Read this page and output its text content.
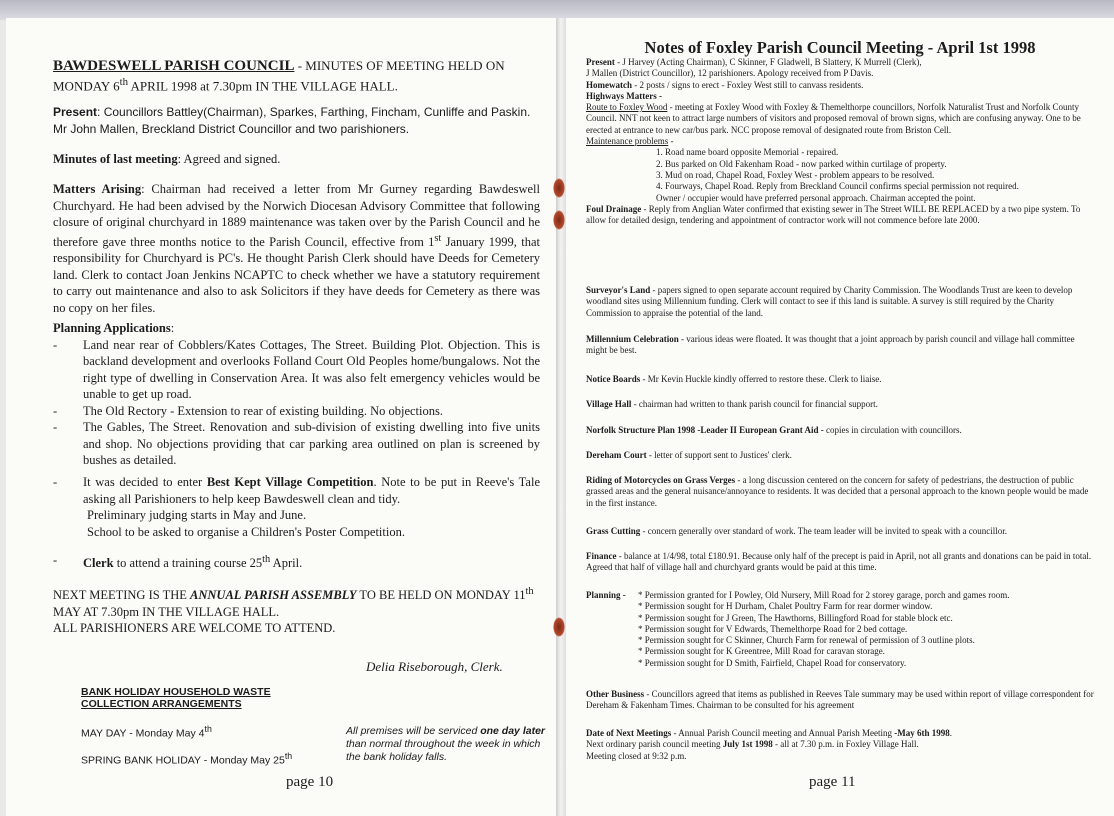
BAWDESWELL PARISH COUNCIL - MINUTES OF MEETING HELD ON MONDAY 6th APRIL 1998 at 7.30pm IN THE VILLAGE HALL.

Present: Councillors Battley(Chairman), Sparkes, Farthing, Fincham, Cunliffe and Paskin.

Mr John Mallen, Breckland District Councillor and two parishioners.

Minutes of last meeting: Agreed and signed.
Matters Arising: Chairman had received a letter from Mr Gurney regarding Bawdeswell Churchyard. He had been advised by the Norwich Diocesan Advisory Committee that following closure of original churchyard in 1889 maintenance was taken over by the Parish Council and he therefore gave three months notice to the Parish Council, effective from 1st January 1999, that responsibility for Churchyard is PC's. He thought Parish Clerk should have Deeds for Cemetery land. Clerk to contact Joan Jenkins NCAPTC to check whether we have a statutory requirement to carry out maintenance and also to ask Solicitors if they have deeds for Cemetery as there was no copy on her files.

Planning Applications:

- Land near rear of Cobblers/Kates Cottages, The Street. Building Plot. Objection. This is backland development and overlooks Folland Court Old Peoples home/bungalows. Not the right type of dwelling in Conservation Area. It was also felt emergency vehicles would be unable to get up road.
- The Old Rectory - Extension to rear of existing building. No objections.
- The Gables, The Street. Renovation and sub-division of existing dwelling into five units and shop. No objections providing that car parking area outlined on plan is screened by bushes as detailed.
- It was decided to enter Best Kept Village Competition. Note to be put in Reeve's Tale asking all Parishioners to help keep Bawdeswell clean and tidy.

Preliminary judging starts in May and June.

School to be asked to organise a Children's Poster Competition.

- Clerk to attend a training course 25th April.

NEXT MEETING IS THE ANNUAL PARISH ASSEMBLY TO BE HELD ON MONDAY 11th MAY AT 7.30pm IN THE VILLAGE HALL.

ALL PARISHIONERS ARE WELCOME TO ATTEND.

Delia Riseborough, Clerk.
BANK HOLIDAY HOUSEHOLD WASTE
COLLECTION ARRANGEMENTS
MAY DAY - Monday May 4th
SPRING BANK HOLIDAY - Monday May 25th
All premises will be serviced one day later than normal throughout the week in which the bank holiday falls.
page 10
Notes of Foxley Parish Council Meeting - April 1st 1998

Present - J Harvey (Acting Chairman), C Skinner, F Gladwell, B Slattery, K Murrell (Clerk),

J Mallen (District Councillor), 12 parishioners. Apology received from P Davis.

Homewatch - 2 posts / signs to erect - Foxley West still to canvass residents.

Highways Matters -

Route to Foxley Wood - meeting at Foxley Wood with Foxley & Themelthorpe councillors, Norfolk Naturalist Trust and Norfolk County Council. NNT not keen to attract large numbers of visitors and proposed removal of brown signs, which are confusing anyway. One to be erected at entrance to new car/bus park. NCC propose removal of designated route from Briston Cell.

Maintenance problems -

1. Road name board opposite Memorial - repaired.
2. Bus parked on Old Fakenham Road - now parked within curtilage of property.
3. Mud on road, Chapel Road, Foxley West - problem appears to be resolved.
4. Fourways, Chapel Road. Reply from Breckland Council confirms special permission not required.
Owner / occupier would have preferred personal approach. Chairman accepted the point.

Foul Drainage - Reply from Anglian Water confirmed that existing sewer in The Street WILL BE REPLACED by a two pipe system. To allow for detailed design, tendering and appointment of contractor work will not commence before late 2000.

Surveyor's Land - papers signed to open separate account required by Charity Commission. The Woodlands Trust are keen to develop woodland sites using Millennium funding. Clerk will contact to see if this land is suitable. A survey is still required by the Charity Commission to appraise the potential of the land.
Millennium Celebration - various ideas were floated. It was thought that a joint approach by parish council and village hall committee might be best.
Notice Boards - Mr Kevin Huckle kindly offerred to restore these. Clerk to liaise.
Village Hall - chairman had written to thank parish council for financial support.
Norfolk Structure Plan 1998 -Leader II European Grant Aid - copies in circulation with councillors.
Dereham Court - letter of support sent to Justices' clerk.
Riding of Motorcycles on Grass Verges - a long discussion centered on the concern for safety of pedestrians, the destruction of public grassed areas and the general nuisance/annoyance to residents. It was decided that a personal approach to the known people would be made in the first instance.
Grass Cutting - concern generally over standard of work. The team leader will be invited to speak with a councillor.
Finance - balance at 1/4/98, total £180.91. Because only half of the precept is paid in April, not all grants and donations can be paid in total. Agreed that half of village hall and churchyard grants would be paid at this time.
Planning - * Permission granted for I Powley, Old Nursery, Mill Road for 2 storey garage, porch and games room.
* Permission sought for H Durham, Chalet Poultry Farm for rear dormer window.
* Permission sought for J Green, The Hawthorns, Billingford Road for stable block etc.
* Permission sought for V Edwards, Themelthorpe Road for 2 bed cottage.
* Permission sought for C Skinner, Church Farm for renewal of permission of 3 outline plots.
* Permission sought for K Greentree, Mill Road for caravan storage.
* Permission sought for D Smith, Fairfield, Chapel Road for conservatory.
Other Business - Councillors agreed that items as published in Reeves Tale summary may be used within report of village correspondent for Dereham & Fakenham Times. Chairman to be consulted for his agreement

Date of Next Meetings - Annual Parish Council meeting and Annual Parish Meeting -May 6th 1998.

Next ordinary parish council meeting July 1st 1998 - all at 7.30 p.m. in Foxley Village Hall.

Meeting closed at 9:32 p.m.

page 11
